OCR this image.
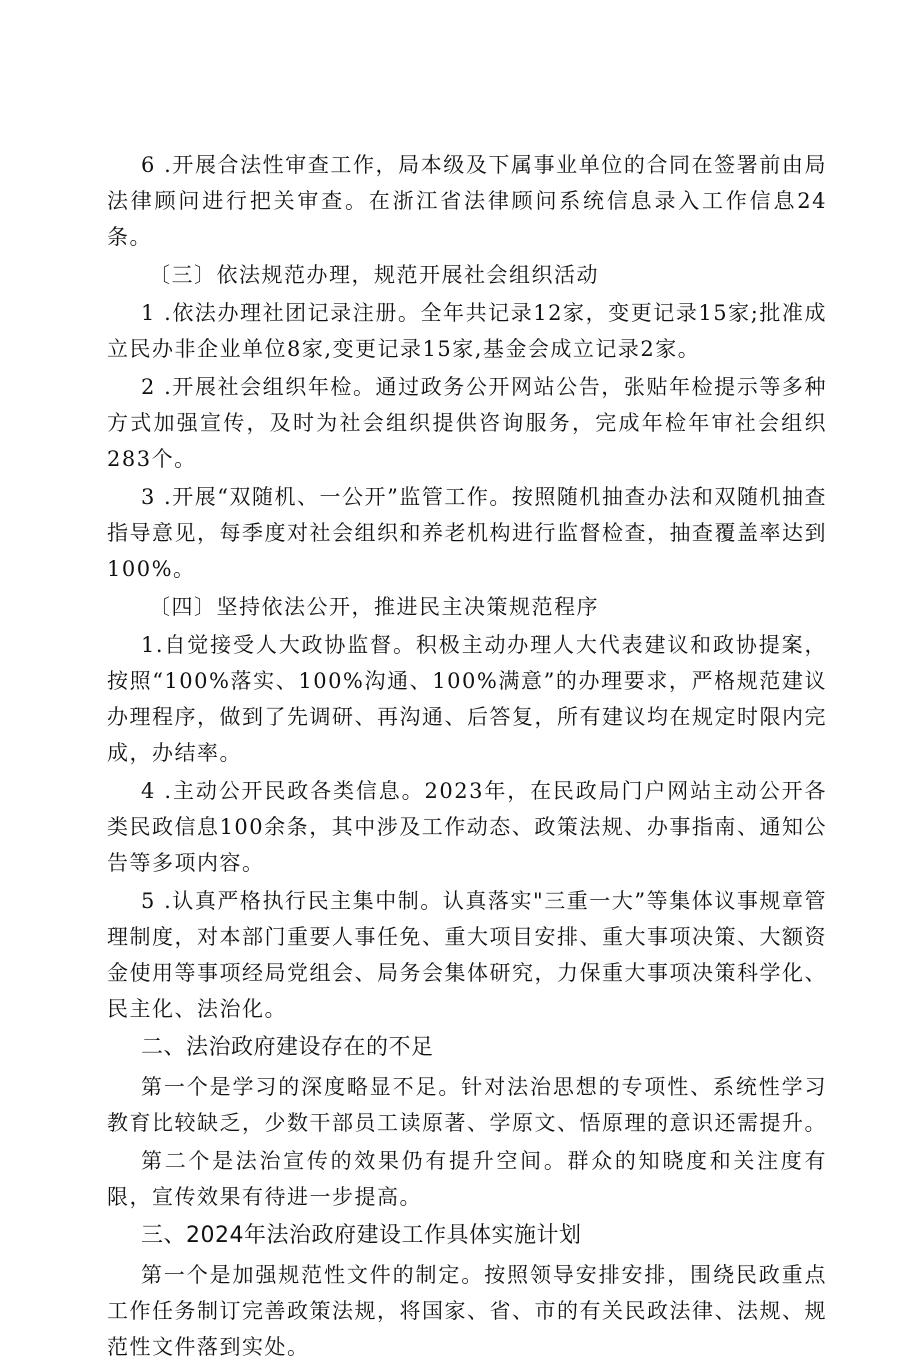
6 .开展合法性审查工作，局本级及下属事业单位的合同在签署前由局法律顾问进行把关审查。在浙江省法律顾问系统信息录入工作信息24条。

〔三〕依法规范办理，规范开展社会组织活动

1 .依法办理社团记录注册。全年共记录12家，变更记录15家;批准成立民办非企业单位8家,变更记录15家,基金会成立记录2家。

2 .开展社会组织年检。通过政务公开网站公告，张贴年检提示等多种方式加强宣传，及时为社会组织提供咨询服务，完成年检年审社会组织283个。

3 .开展“双随机、一公开”监管工作。按照随机抽查办法和双随机抽查指导意见，每季度对社会组织和养老机构进行监督检查，抽查覆盖率达到100%。

〔四〕坚持依法公开，推进民主决策规范程序

1.自觉接受人大政协监督。积极主动办理人大代表建议和政协提案，按照“100%落实、100%沟通、100%满意”的办理要求，严格规范建议办理程序，做到了先调研、再沟通、后答复，所有建议均在规定时限内完成，办结率。

4 .主动公开民政各类信息。2023年，在民政局门户网站主动公开各类民政信息100余条，其中涉及工作动态、政策法规、办事指南、通知公告等多项内容。

5 .认真严格执行民主集中制。认真落实"三重一大”等集体议事规章管理制度，对本部门重要人事任免、重大项目安排、重大事项决策、大额资金使用等事项经局党组会、局务会集体研究，力保重大事项决策科学化、民主化、法治化。

二、法治政府建设存在的不足

第一个是学习的深度略显不足。针对法治思想的专项性、系统性学习教育比较缺乏，少数干部员工读原著、学原文、悟原理的意识还需提升。

第二个是法治宣传的效果仍有提升空间。群众的知晓度和关注度有限，宣传效果有待进一步提高。

三、2024年法治政府建设工作具体实施计划

第一个是加强规范性文件的制定。按照领导安排安排，围绕民政重点工作任务制订完善政策法规，将国家、省、市的有关民政法律、法规、规范性文件落到实处。
